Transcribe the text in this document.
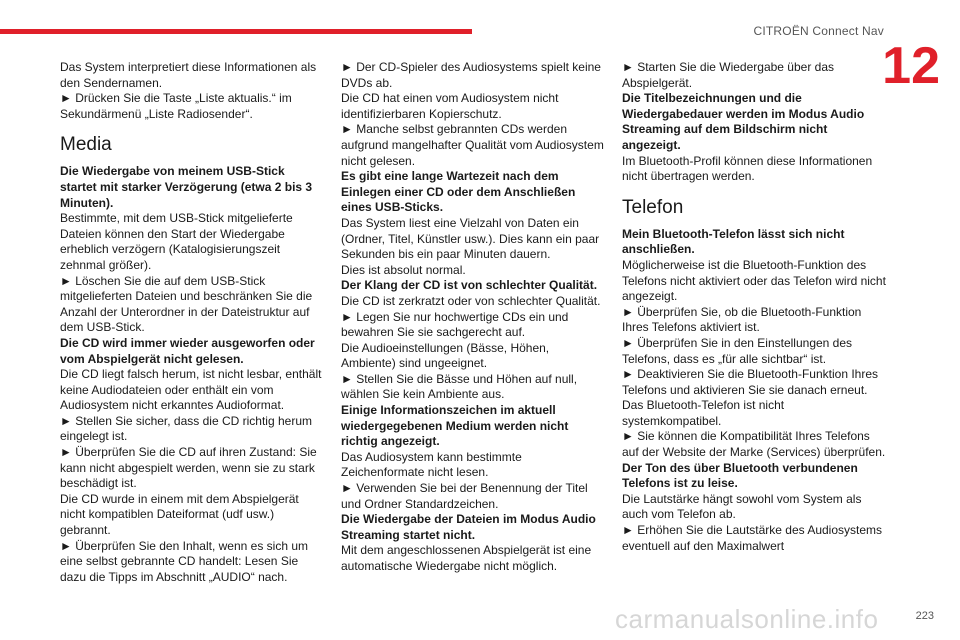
CITROËN Connect Nav
12

Das System interpretiert diese Informationen als den Sendernamen.

► Drücken Sie die Taste „Liste aktualis.“ im Sekundärmenü „Liste Radiosender“.

Media

Die Wiedergabe von meinem USB-Stick startet mit starker Verzögerung (etwa 2 bis 3 Minuten).

Bestimmte, mit dem USB-Stick mitgelieferte Dateien können den Start der Wiedergabe erheblich verzögern (Katalogisierungszeit zehnmal größer).

► Löschen Sie die auf dem USB-Stick mitgelieferten Dateien und beschränken Sie die Anzahl der Unterordner in der Dateistruktur auf dem USB-Stick.

Die CD wird immer wieder ausgeworfen oder vom Abspielgerät nicht gelesen.

Die CD liegt falsch herum, ist nicht lesbar, enthält keine Audiodateien oder enthält ein vom Audiosystem nicht erkanntes Audioformat.

► Stellen Sie sicher, dass die CD richtig herum eingelegt ist.

► Überprüfen Sie die CD auf ihren Zustand: Sie kann nicht abgespielt werden, wenn sie zu stark beschädigt ist.

Die CD wurde in einem mit dem Abspielgerät nicht kompatiblen Dateiformat (udf usw.) gebrannt.

► Überprüfen Sie den Inhalt, wenn es sich um eine selbst gebrannte CD handelt: Lesen Sie dazu die Tipps im Abschnitt „AUDIO“ nach.

► Der CD-Spieler des Audiosystems spielt keine DVDs ab.

Die CD hat einen vom Audiosystem nicht identifizierbaren Kopierschutz.

► Manche selbst gebrannten CDs werden aufgrund mangelhafter Qualität vom Audiosystem nicht gelesen.

Es gibt eine lange Wartezeit nach dem Einlegen einer CD oder dem Anschließen eines USB-Sticks.

Das System liest eine Vielzahl von Daten ein (Ordner, Titel, Künstler usw.). Dies kann ein paar Sekunden bis ein paar Minuten dauern.

Dies ist absolut normal.

Der Klang der CD ist von schlechter Qualität.

Die CD ist zerkratzt oder von schlechter Qualität.

► Legen Sie nur hochwertige CDs ein und bewahren Sie sie sachgerecht auf.

Die Audioeinstellungen (Bässe, Höhen, Ambiente) sind ungeeignet.

► Stellen Sie die Bässe und Höhen auf null, wählen Sie kein Ambiente aus.

Einige Informationszeichen im aktuell wiedergegebenen Medium werden nicht richtig angezeigt.

Das Audiosystem kann bestimmte Zeichenformate nicht lesen.

► Verwenden Sie bei der Benennung der Titel und Ordner Standardzeichen.

Die Wiedergabe der Dateien im Modus Audio Streaming startet nicht.

Mit dem angeschlossenen Abspielgerät ist eine automatische Wiedergabe nicht möglich.

► Starten Sie die Wiedergabe über das Abspielgerät.

Die Titelbezeichnungen und die Wiedergabedauer werden im Modus Audio Streaming auf dem Bildschirm nicht angezeigt.

Im Bluetooth-Profil können diese Informationen nicht übertragen werden.

Telefon

Mein Bluetooth-Telefon lässt sich nicht anschließen.

Möglicherweise ist die Bluetooth-Funktion des Telefons nicht aktiviert oder das Telefon wird nicht angezeigt.

► Überprüfen Sie, ob die Bluetooth-Funktion Ihres Telefons aktiviert ist.

► Überprüfen Sie in den Einstellungen des Telefons, dass es „für alle sichtbar“ ist.

► Deaktivieren Sie die Bluetooth-Funktion Ihres Telefons und aktivieren Sie sie danach erneut.

Das Bluetooth-Telefon ist nicht systemkompatibel.

► Sie können die Kompatibilität Ihres Telefons auf der Website der Marke (Services) überprüfen.

Der Ton des über Bluetooth verbundenen Telefons ist zu leise.

Die Lautstärke hängt sowohl vom System als auch vom Telefon ab.

► Erhöhen Sie die Lautstärke des Audiosystems eventuell auf den Maximalwert

carmanualsonline.info	223
